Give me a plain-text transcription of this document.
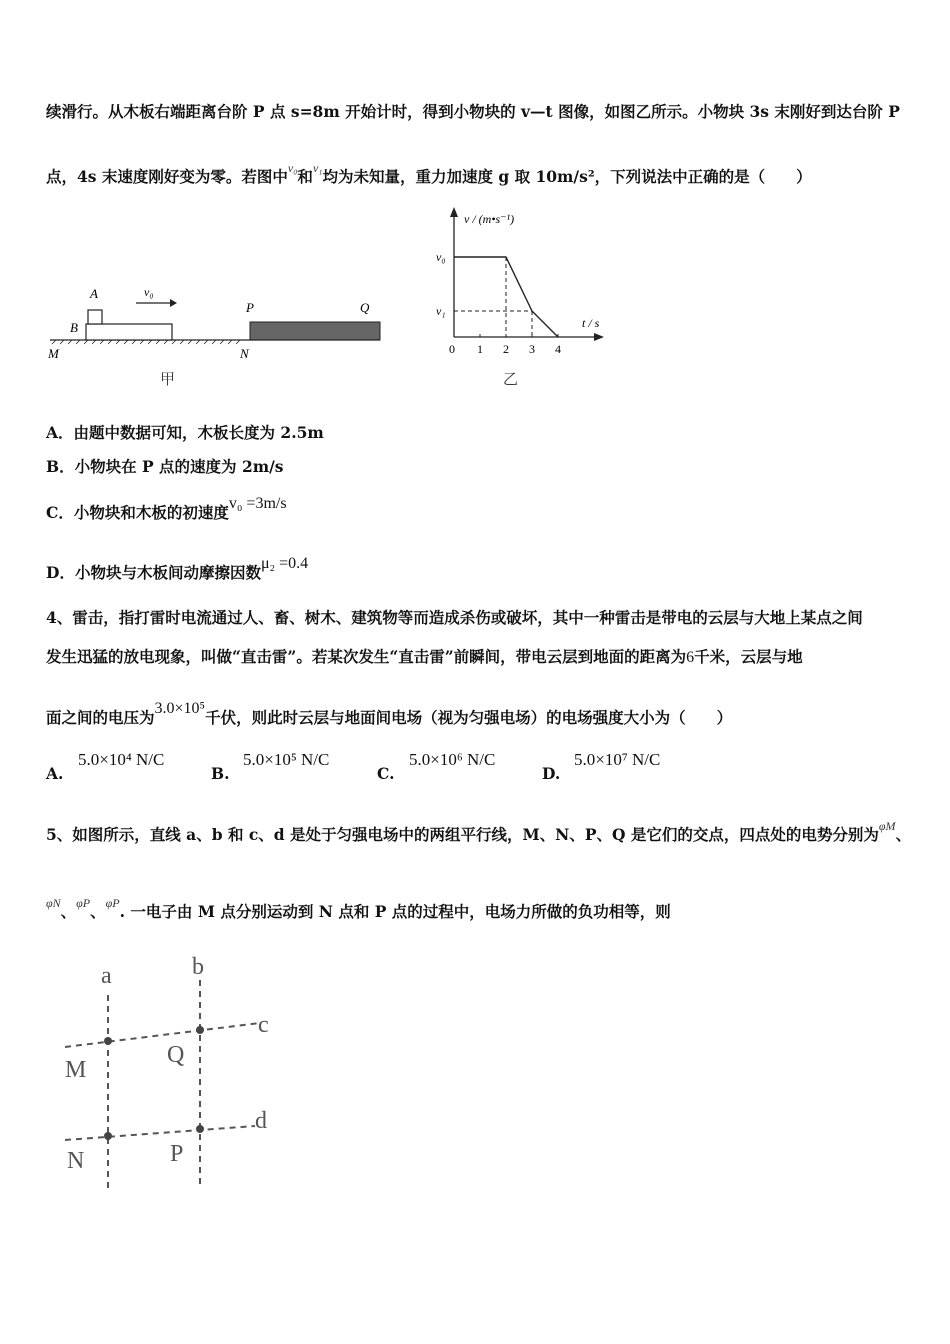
续滑行。从木板右端距离台阶 P 点 s=8m 开始计时，得到小物块的 v—t 图像，如图乙所示。小物块 3s 末刚好到达台阶 P
点，4s 末速度刚好变为零。若图中$^{v_0}$和$^{v_1}$均为未知量，重力加速度 g 取 10m/s²，下列说法中正确的是（　　）
A
B
v₀
P	Q
M	N
甲
v / (m•s⁻¹)
t / s
v₀
v₁
0 1 2 3 4
乙
A．由题中数据可知，木板长度为 2.5m
B．小物块在 P 点的速度为 2m/s
C．小物块和木板的初速度v₀ =3m/s
D．小物块与木板间动摩擦因数μ₂ =0.4
4、雷击，指打雷时电流通过人、畜、树木、建筑物等而造成杀伤或破坏，其中一种雷击是带电的云层与大地上某点之间
发生迅猛的放电现象，叫做“直击雷”。若某次发生“直击雷”前瞬间，带电云层到地面的距离为6千米，云层与地
面之间的电压为3.0×10⁵千伏，则此时云层与地面间电场（视为匀强电场）的电场强度大小为（　　）
A.
5.0×10⁴ N/C
B.
5.0×10⁵ N/C
C.
5.0×10⁶ N/C
D.
5.0×10⁷ N/C
5、如图所示，直线 a、b 和 c、d 是处于匀强电场中的两组平行线，M、N、P、Q 是它们的交点，四点处的电势分别为$^{\varphi M}$、
$^{\varphi N}$、$^{\varphi P}$、$^{\varphi P}$. 一电子由 M 点分别运动到 N 点和 P 点的过程中，电场力所做的负功相等，则
a	b
c
d
M
Q
N	P
